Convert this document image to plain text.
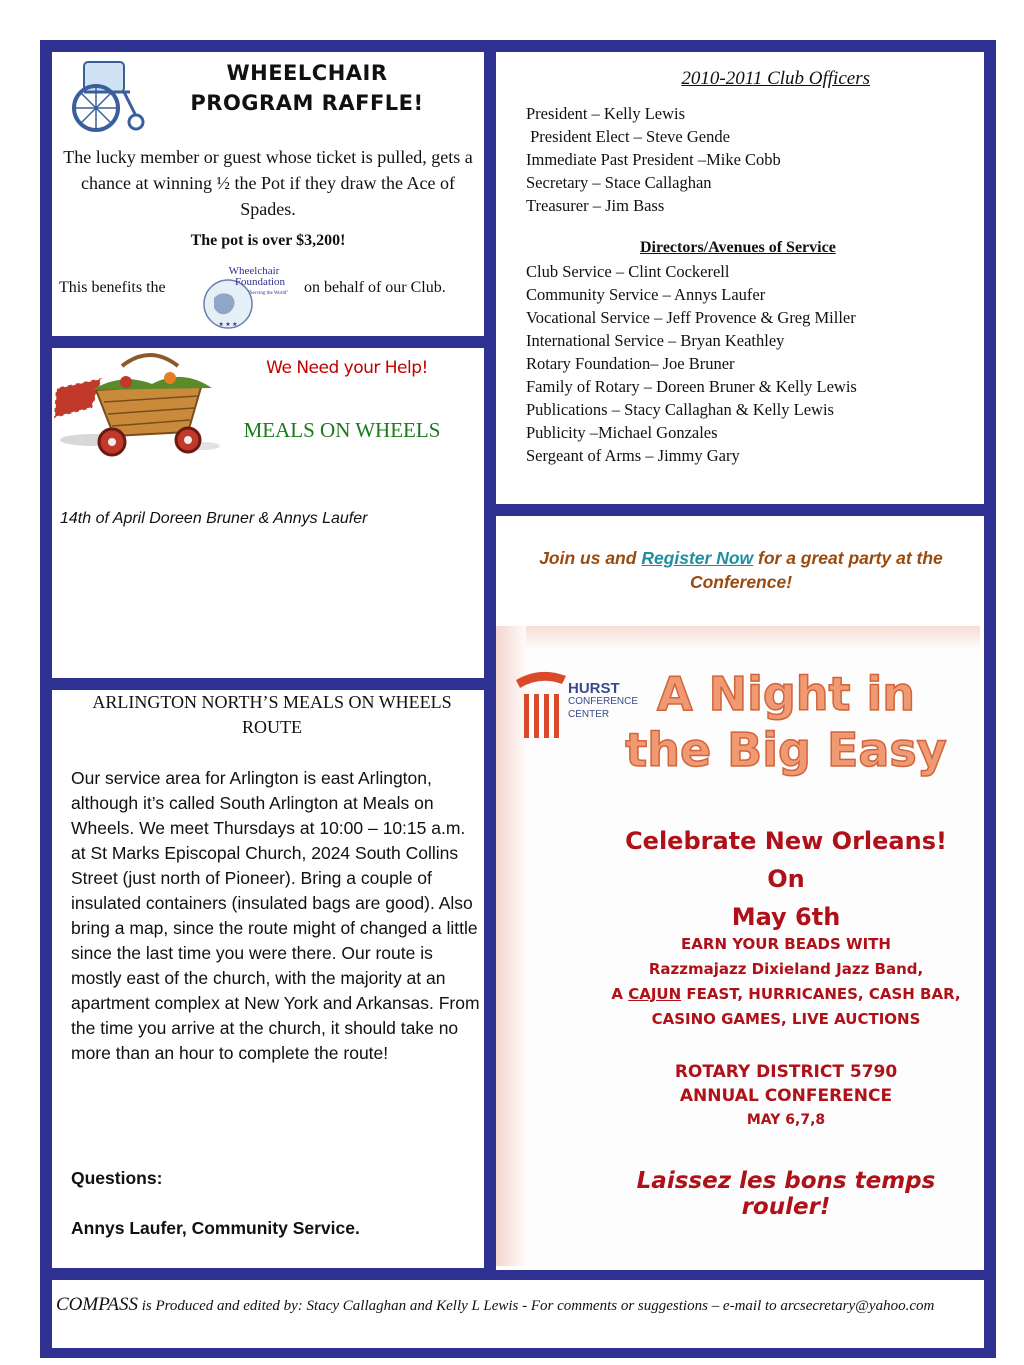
WHEELCHAIR
PROGRAM RAFFLE!
The lucky member or guest whose ticket is pulled, gets a chance at winning ½ the Pot if they draw the Ace of Spades.
The pot is over $3,200!
This benefits the	on behalf of our Club.
★ ★ ★
Wheelchair
Foundation
"Serving the World"
We Need your Help!
MEALS ON WHEELS
14th of April Doreen Bruner & Annys Laufer
ARLINGTON NORTH’S MEALS ON WHEELS ROUTE
Our service area for Arlington is east Arlington, although it’s called South Arlington at Meals on Wheels. We meet Thursdays at 10:00 – 10:15 a.m. at St Marks Episcopal Church, 2024 South Collins Street (just north of Pioneer). Bring a couple of insulated containers (insulated bags are good). Also bring a map, since the route might of changed a little since the last time you were there. Our route is mostly east of the church, with the majority at an apartment complex at New York and Arkansas. From the time you arrive at the church, it should take no more than an hour to complete the route!
Questions:
Annys Laufer, Community Service.
2010-2011 Club Officers
President – Kelly Lewis
President Elect – Steve Gende
Immediate Past President –Mike Cobb
Secretary – Stace Callaghan
Treasurer – Jim Bass
Directors/Avenues of Service
Club Service – Clint Cockerell
Community Service – Annys Laufer
Vocational Service – Jeff Provence & Greg Miller
International Service – Bryan Keathley
Rotary Foundation– Joe Bruner
Family of Rotary – Doreen Bruner & Kelly Lewis
Publications – Stacy Callaghan & Kelly Lewis
Publicity –Michael Gonzales
Sergeant of Arms – Jimmy Gary
Join us and Register Now for a great party at the Conference!
HURST
CONFERENCE
CENTER	A Night in
the Big Easy
Celebrate New Orleans! On
May 6th
EARN YOUR BEADS WITH
Razzmajazz Dixieland Jazz Band,
A CAJUN FEAST, HURRICANES, CASH BAR,
CASINO GAMES, LIVE AUCTIONS
ROTARY DISTRICT 5790
ANNUAL CONFERENCE
MAY 6,7,8
Laissez les bons temps rouler!
COMPASS is Produced and edited by: Stacy Callaghan and Kelly L Lewis - For comments or suggestions – e-mail to arcsecretary@yahoo.com
